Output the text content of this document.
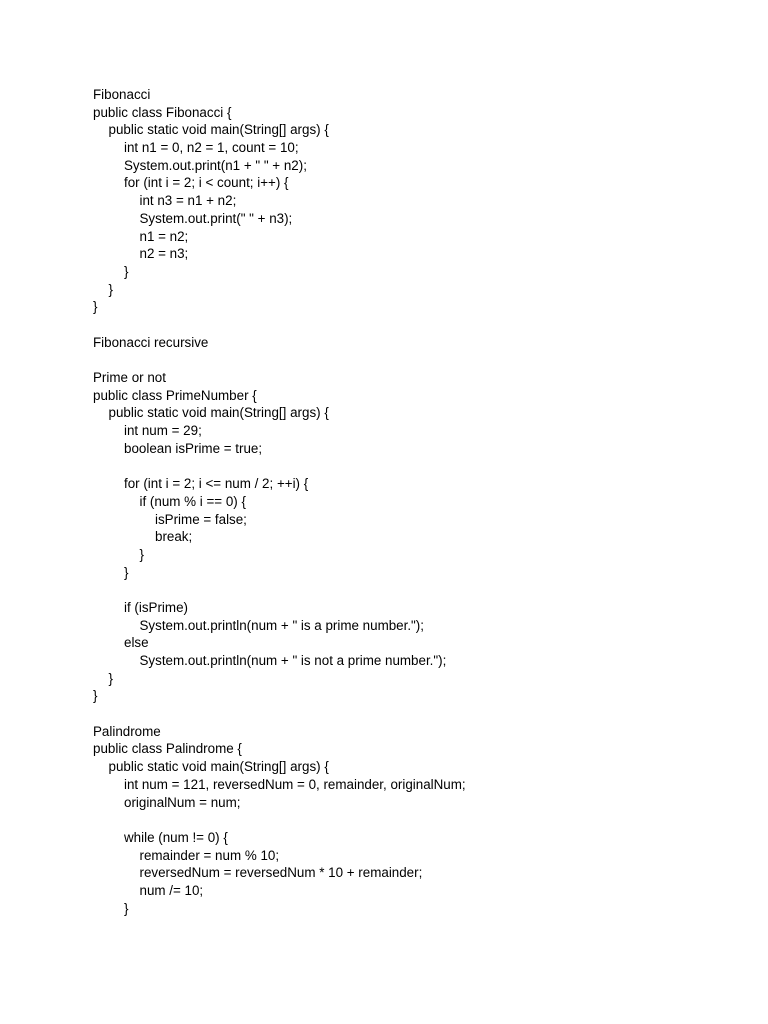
Fibonacci
public class Fibonacci {
public static void main(String[] args) {
int n1 = 0, n2 = 1, count = 10;
System.out.print(n1 + " " + n2);
for (int i = 2; i < count; i++) {
int n3 = n1 + n2;
System.out.print(" " + n3);
n1 = n2;
n2 = n3;
}
}
}
Fibonacci recursive
Prime or not
public class PrimeNumber {
public static void main(String[] args) {
int num = 29;
boolean isPrime = true;
for (int i = 2; i <= num / 2; ++i) {
if (num % i == 0) {
isPrime = false;
break;
}
}
if (isPrime)
System.out.println(num + " is a prime number.");
else
System.out.println(num + " is not a prime number.");
}
}
Palindrome
public class Palindrome {
public static void main(String[] args) {
int num = 121, reversedNum = 0, remainder, originalNum;
originalNum = num;
while (num != 0) {
remainder = num % 10;
reversedNum = reversedNum * 10 + remainder;
num /= 10;
}
